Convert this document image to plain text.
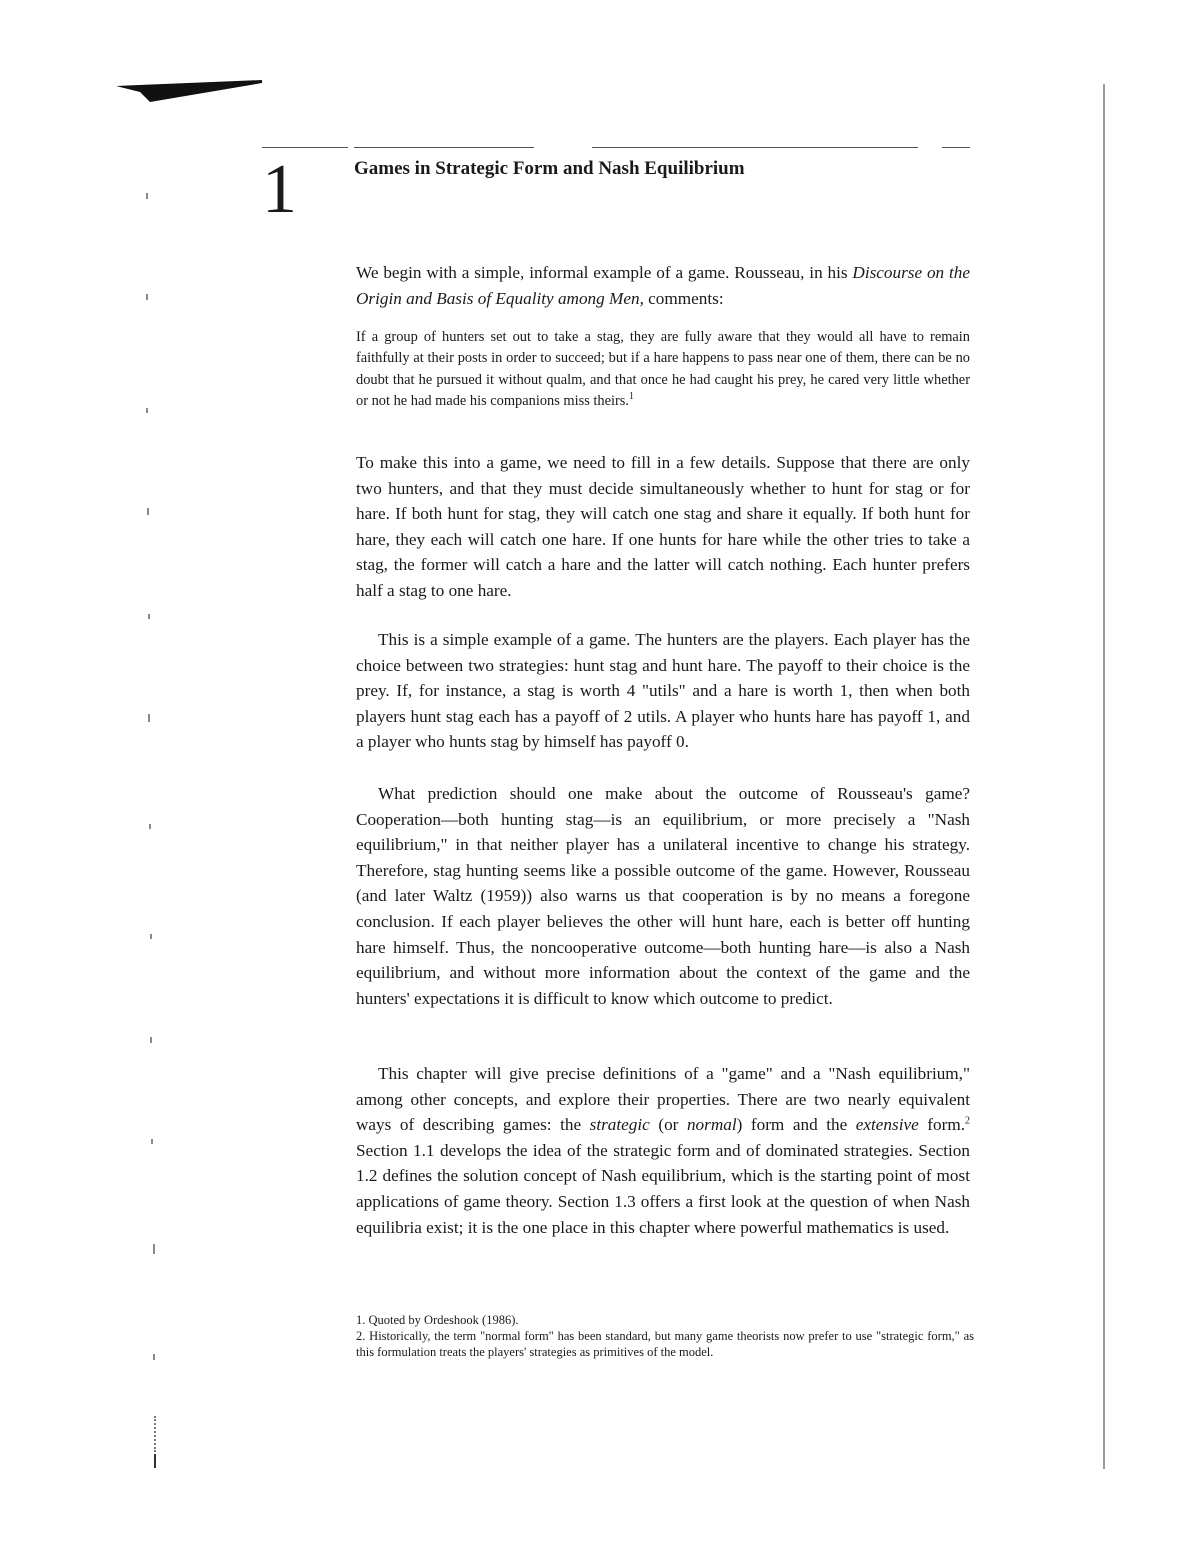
1	Games in Strategic Form and Nash Equilibrium

We begin with a simple, informal example of a game. Rousseau, in his Discourse on the Origin and Basis of Equality among Men, comments:

If a group of hunters set out to take a stag, they are fully aware that they would all have to remain faithfully at their posts in order to succeed; but if a hare happens to pass near one of them, there can be no doubt that he pursued it without qualm, and that once he had caught his prey, he cared very little whether or not he had made his companions miss theirs.$^1$

To make this into a game, we need to fill in a few details. Suppose that there are only two hunters, and that they must decide simultaneously whether to hunt for stag or for hare. If both hunt for stag, they will catch one stag and share it equally. If both hunt for hare, they each will catch one hare. If one hunts for hare while the other tries to take a stag, the former will catch a hare and the latter will catch nothing. Each hunter prefers half a stag to one hare.

This is a simple example of a game. The hunters are the players. Each player has the choice between two strategies: hunt stag and hunt hare. The payoff to their choice is the prey. If, for instance, a stag is worth 4 "utils" and a hare is worth 1, then when both players hunt stag each has a payoff of 2 utils. A player who hunts hare has payoff 1, and a player who hunts stag by himself has payoff 0.

What prediction should one make about the outcome of Rousseau's game? Cooperation—both hunting stag—is an equilibrium, or more precisely a "Nash equilibrium," in that neither player has a unilateral incentive to change his strategy. Therefore, stag hunting seems like a possible outcome of the game. However, Rousseau (and later Waltz (1959)) also warns us that cooperation is by no means a foregone conclusion. If each player believes the other will hunt hare, each is better off hunting hare himself. Thus, the noncooperative outcome—both hunting hare—is also a Nash equilibrium, and without more information about the context of the game and the hunters' expectations it is difficult to know which outcome to predict.

This chapter will give precise definitions of a "game" and a "Nash equilibrium," among other concepts, and explore their properties. There are two nearly equivalent ways of describing games: the strategic (or normal) form and the extensive form.$^2$ Section 1.1 develops the idea of the strategic form and of dominated strategies. Section 1.2 defines the solution concept of Nash equilibrium, which is the starting point of most applications of game theory. Section 1.3 offers a first look at the question of when Nash equilibria exist; it is the one place in this chapter where powerful mathematics is used.

1. Quoted by Ordeshook (1986).

2. Historically, the term "normal form" has been standard, but many game theorists now prefer to use "strategic form," as this formulation treats the players' strategies as primitives of the model.
